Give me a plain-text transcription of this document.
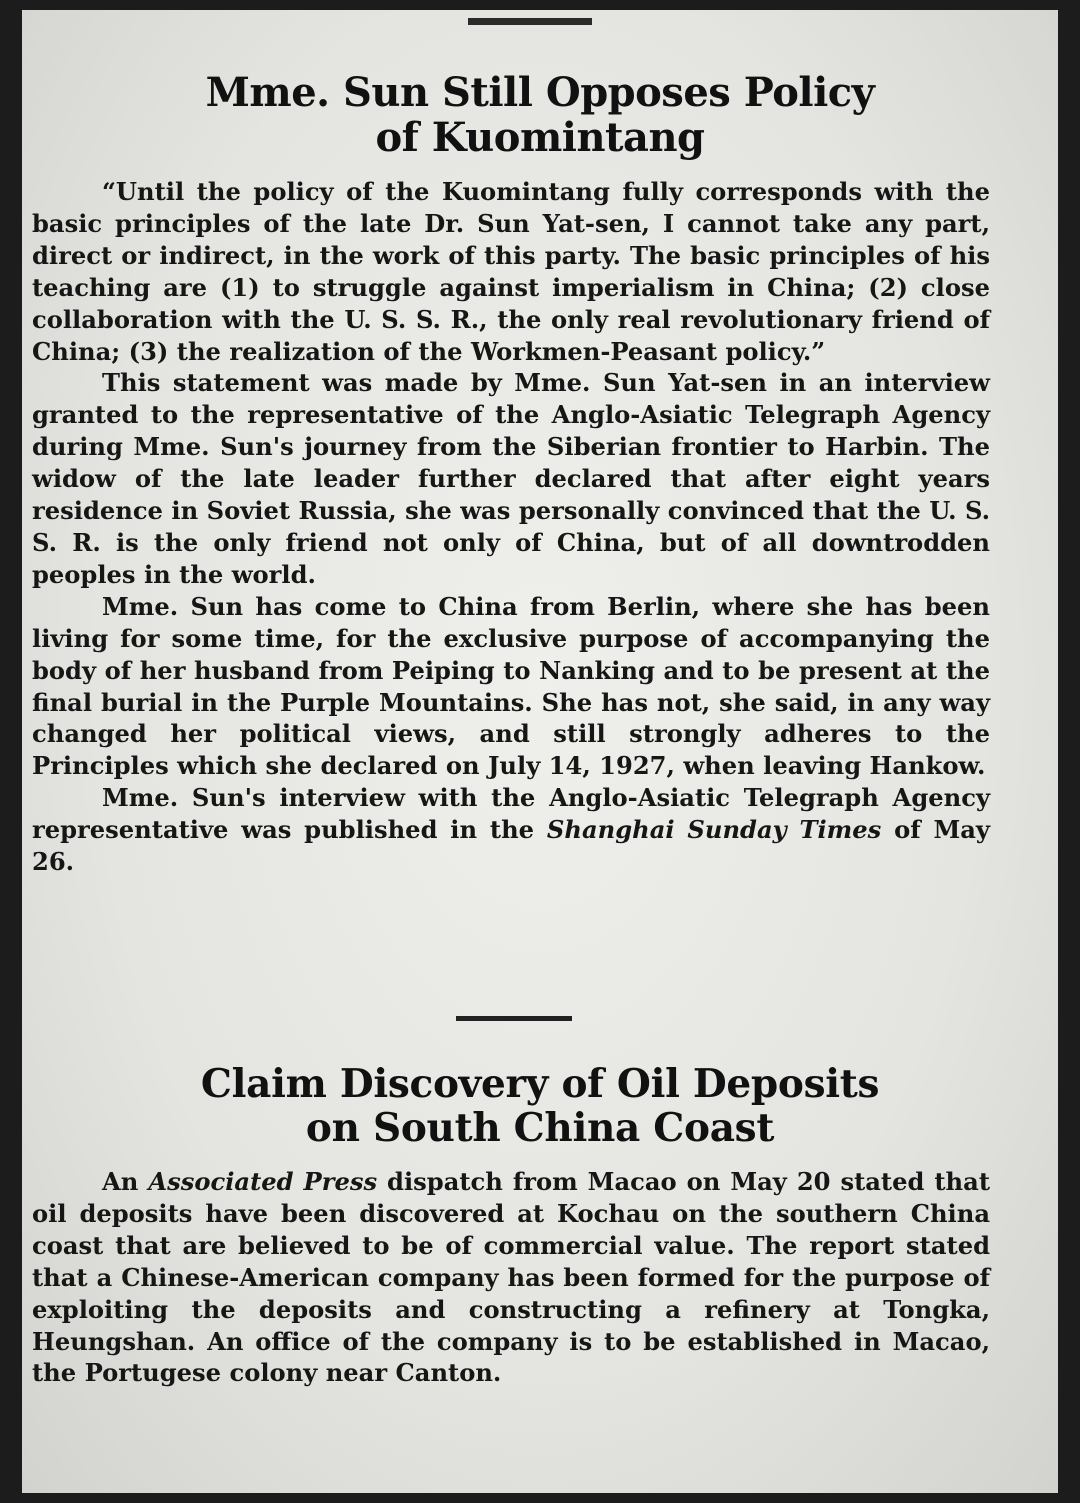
Mme. Sun Still Opposes Policy
of Kuomintang

“Until the policy of the Kuomintang fully corresponds with the basic principles of the late Dr. Sun Yat-sen, I cannot take any part, direct or indirect, in the work of this party. The basic principles of his teaching are (1) to struggle against imperialism in China; (2) close collaboration with the U. S. S. R., the only real revolutionary friend of China; (3) the realization of the Workmen-Peasant policy.”

This statement was made by Mme. Sun Yat-sen in an interview granted to the representative of the Anglo-Asiatic Telegraph Agency during Mme. Sun's journey from the Siberian frontier to Harbin. The widow of the late leader further declared that after eight years residence in Soviet Russia, she was personally convinced that the U. S. S. R. is the only friend not only of China, but of all downtrodden peoples in the world.

Mme. Sun has come to China from Berlin, where she has been living for some time, for the exclusive purpose of accompanying the body of her husband from Peiping to Nanking and to be present at the final burial in the Purple Mountains. She has not, she said, in any way changed her political views, and still strongly adheres to the Principles which she declared on July 14, 1927, when leaving Hankow.

Mme. Sun's interview with the Anglo-Asiatic Telegraph Agency representative was published in the Shanghai Sunday Times of May 26.

Claim Discovery of Oil Deposits
on South China Coast

An Associated Press dispatch from Macao on May 20 stated that oil deposits have been discovered at Kochau on the southern China coast that are believed to be of commercial value. The report stated that a Chinese-American company has been formed for the purpose of exploiting the deposits and constructing a refinery at Tongka, Heungshan. An office of the company is to be established in Macao, the Portugese colony near Canton.
